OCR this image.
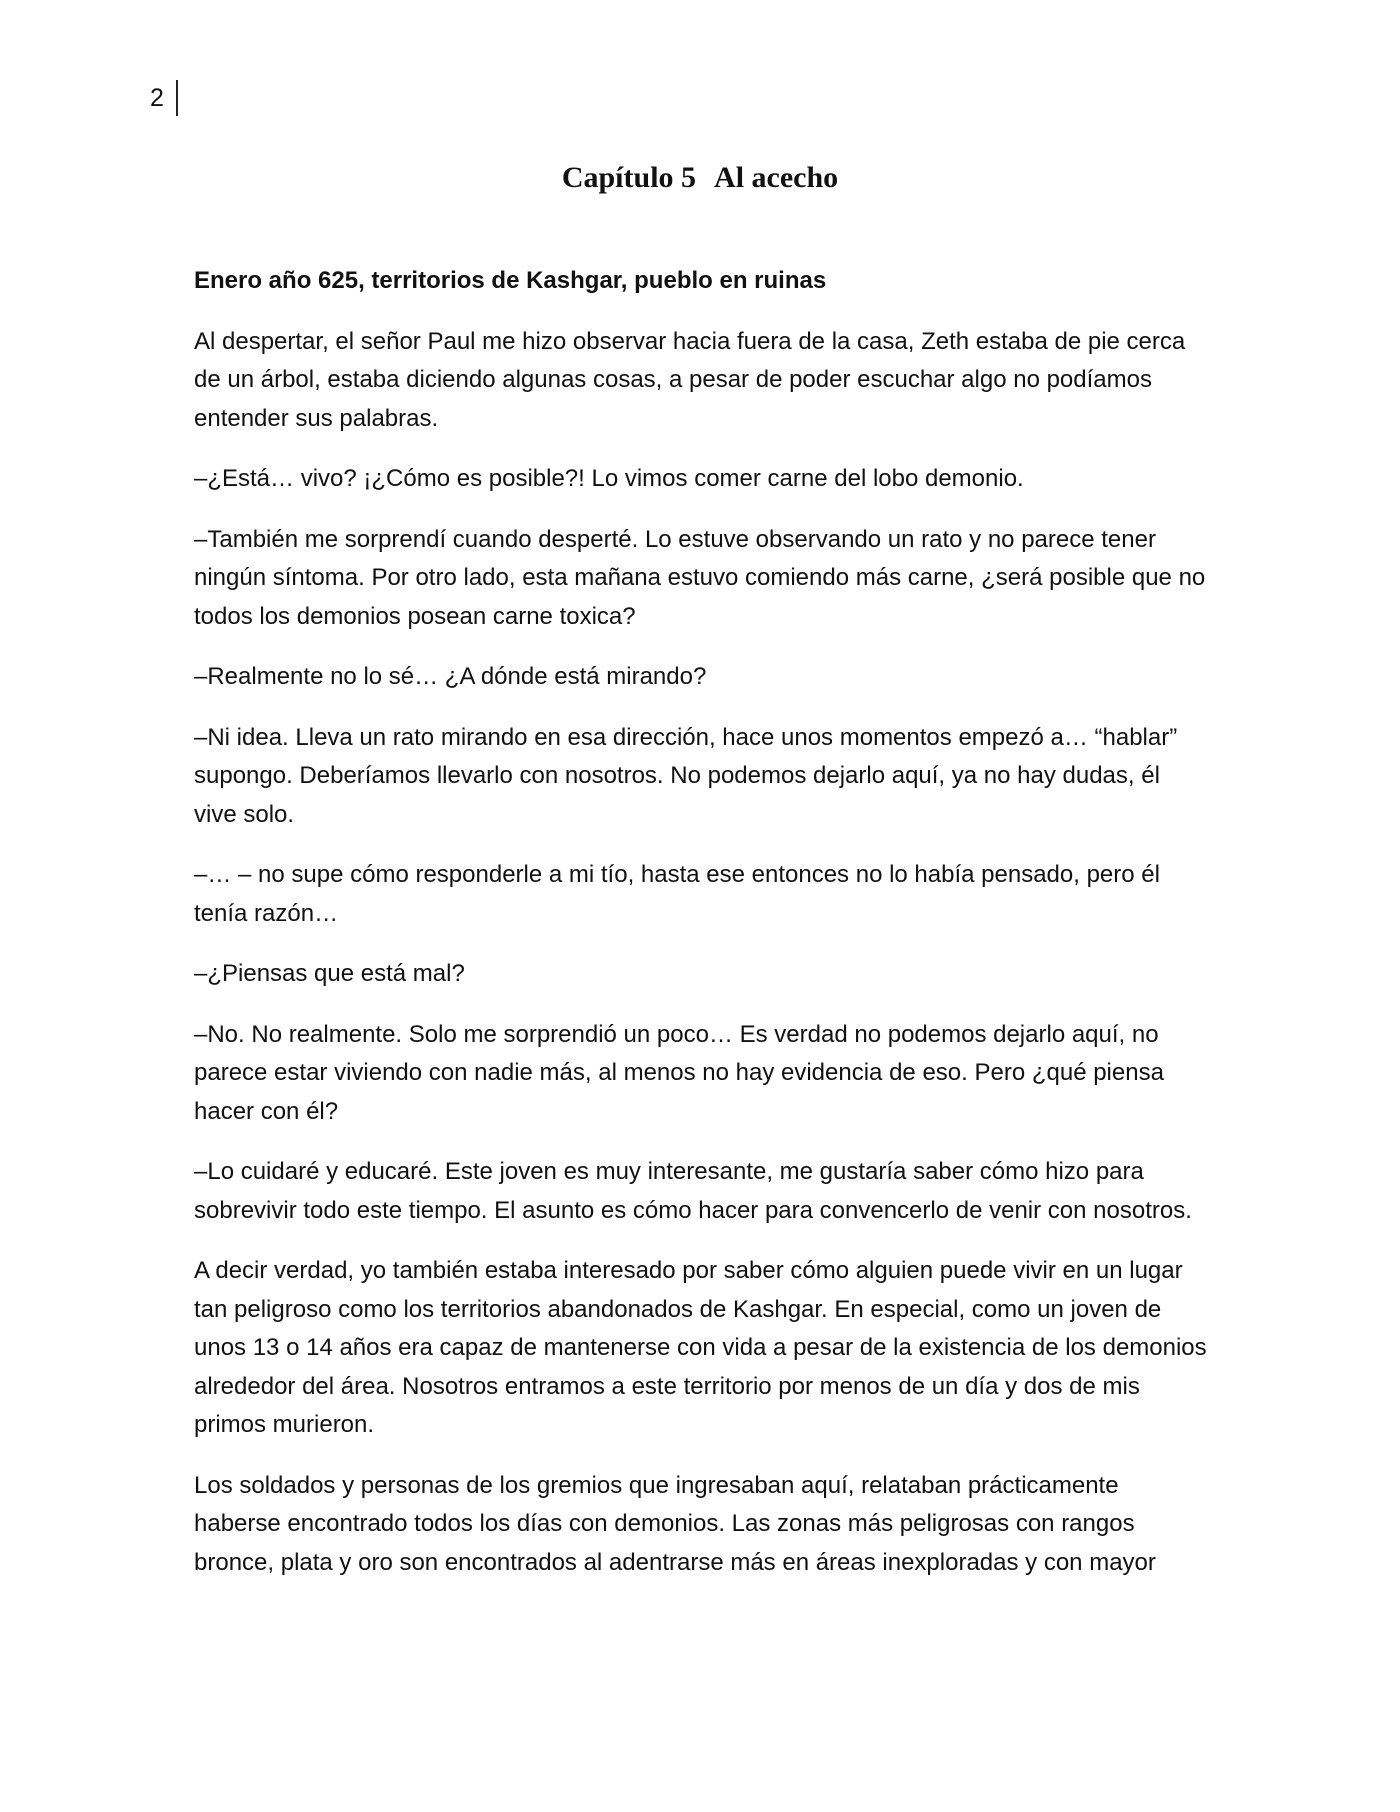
2
Capítulo 5 Al acecho

Enero año 625, territorios de Kashgar, pueblo en ruinas

Al despertar, el señor Paul me hizo observar hacia fuera de la casa, Zeth estaba de pie cerca de un árbol, estaba diciendo algunas cosas, a pesar de poder escuchar algo no podíamos entender sus palabras.

–¿Está… vivo? ¡¿Cómo es posible?! Lo vimos comer carne del lobo demonio.

–También me sorprendí cuando desperté. Lo estuve observando un rato y no parece tener ningún síntoma. Por otro lado, esta mañana estuvo comiendo más carne, ¿será posible que no todos los demonios posean carne toxica?

–Realmente no lo sé… ¿A dónde está mirando?

–Ni idea. Lleva un rato mirando en esa dirección, hace unos momentos empezó a… “hablar” supongo. Deberíamos llevarlo con nosotros. No podemos dejarlo aquí, ya no hay dudas, él vive solo.

–… – no supe cómo responderle a mi tío, hasta ese entonces no lo había pensado, pero él tenía razón…

–¿Piensas que está mal?

–No. No realmente. Solo me sorprendió un poco… Es verdad no podemos dejarlo aquí, no parece estar viviendo con nadie más, al menos no hay evidencia de eso. Pero ¿qué piensa hacer con él?

–Lo cuidaré y educaré. Este joven es muy interesante, me gustaría saber cómo hizo para sobrevivir todo este tiempo. El asunto es cómo hacer para convencerlo de venir con nosotros.

A decir verdad, yo también estaba interesado por saber cómo alguien puede vivir en un lugar tan peligroso como los territorios abandonados de Kashgar. En especial, como un joven de unos 13 o 14 años era capaz de mantenerse con vida a pesar de la existencia de los demonios alrededor del área. Nosotros entramos a este territorio por menos de un día y dos de mis primos murieron.

Los soldados y personas de los gremios que ingresaban aquí, relataban prácticamente haberse encontrado todos los días con demonios. Las zonas más peligrosas con rangos bronce, plata y oro son encontrados al adentrarse más en áreas inexploradas y con mayor
